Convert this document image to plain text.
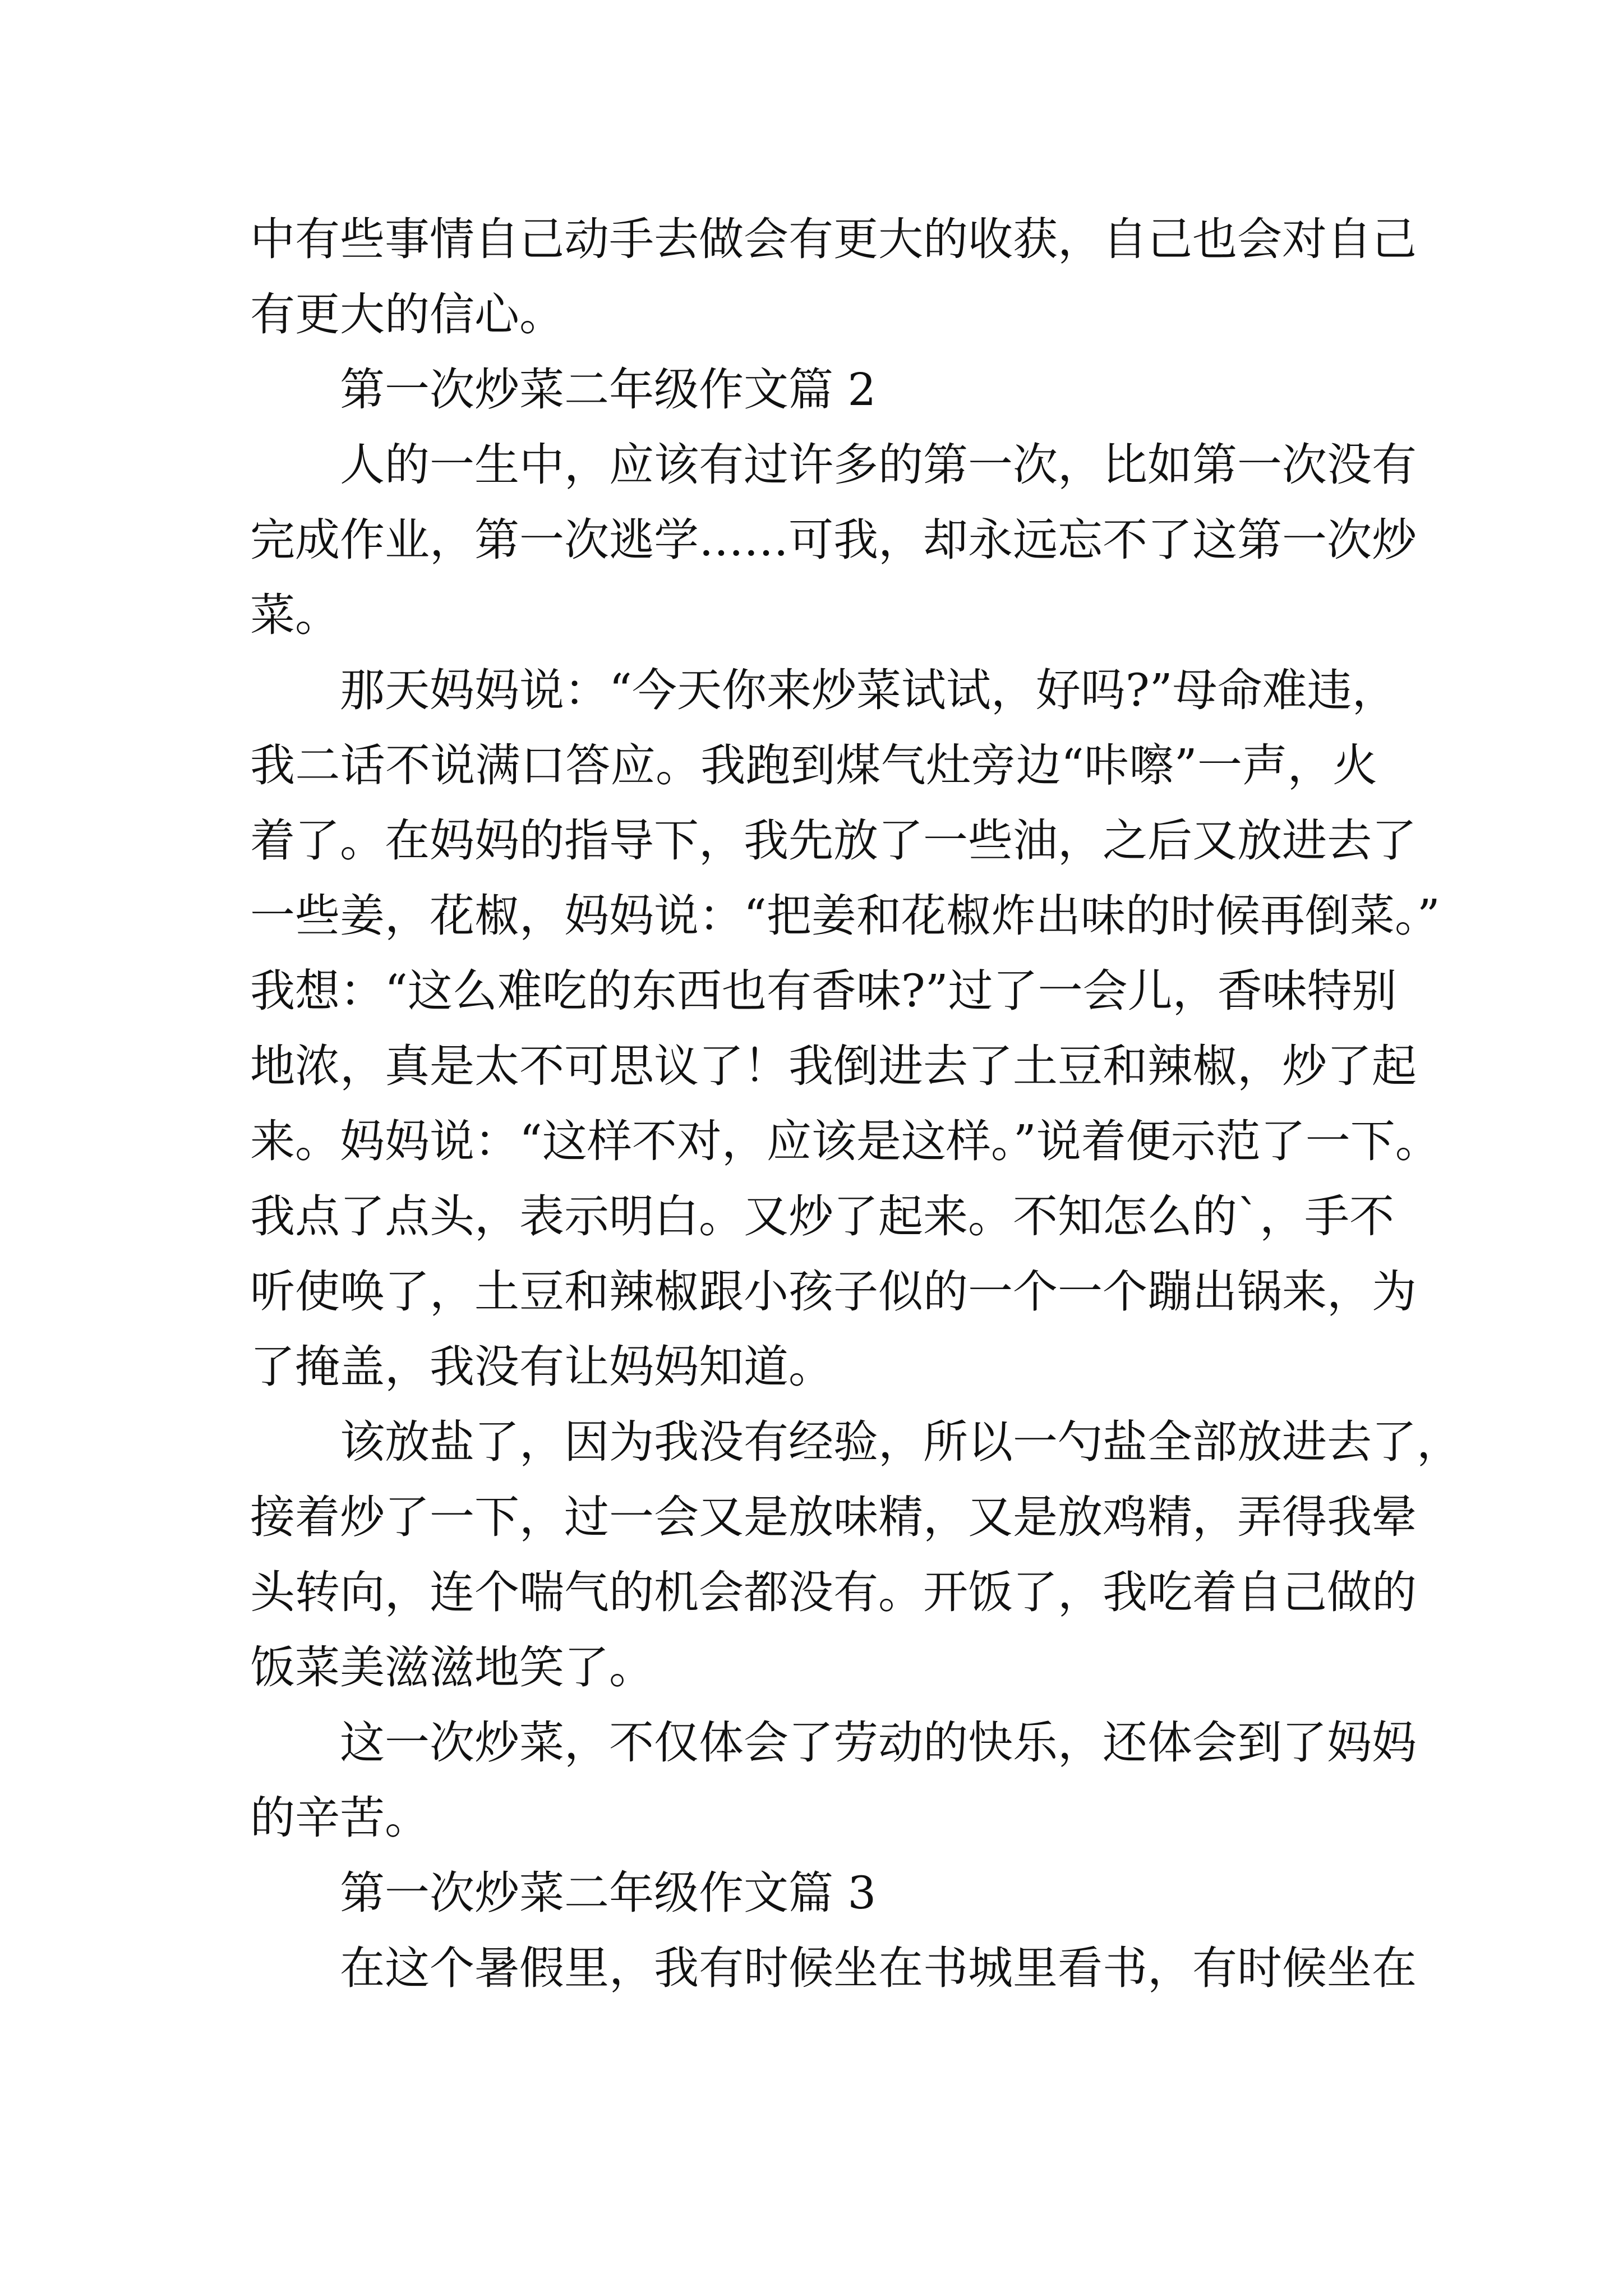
中有些事情自己动手去做会有更大的收获，自己也会对自己
有更大的信心。
第一次炒菜二年级作文篇 2
人的一生中，应该有过许多的第一次，比如第一次没有
完成作业，第一次逃学……可我，却永远忘不了这第一次炒
菜。
那天妈妈说：“今天你来炒菜试试，好吗?”母命难违，
我二话不说满口答应。我跑到煤气灶旁边“咔嚓”一声，火
着了。在妈妈的指导下，我先放了一些油，之后又放进去了
一些姜，花椒，妈妈说：“把姜和花椒炸出味的时候再倒菜。”
我想：“这么难吃的东西也有香味?”过了一会儿，香味特别
地浓，真是太不可思议了！我倒进去了土豆和辣椒，炒了起
来。妈妈说：“这样不对，应该是这样。”说着便示范了一下。
我点了点头，表示明白。又炒了起来。不知怎么的`，手不
听使唤了，土豆和辣椒跟小孩子似的一个一个蹦出锅来，为
了掩盖，我没有让妈妈知道。
该放盐了，因为我没有经验，所以一勺盐全部放进去了，
接着炒了一下，过一会又是放味精，又是放鸡精，弄得我晕
头转向，连个喘气的机会都没有。开饭了，我吃着自己做的
饭菜美滋滋地笑了。
这一次炒菜，不仅体会了劳动的快乐，还体会到了妈妈
的辛苦。
第一次炒菜二年级作文篇 3
在这个暑假里，我有时候坐在书城里看书，有时候坐在
